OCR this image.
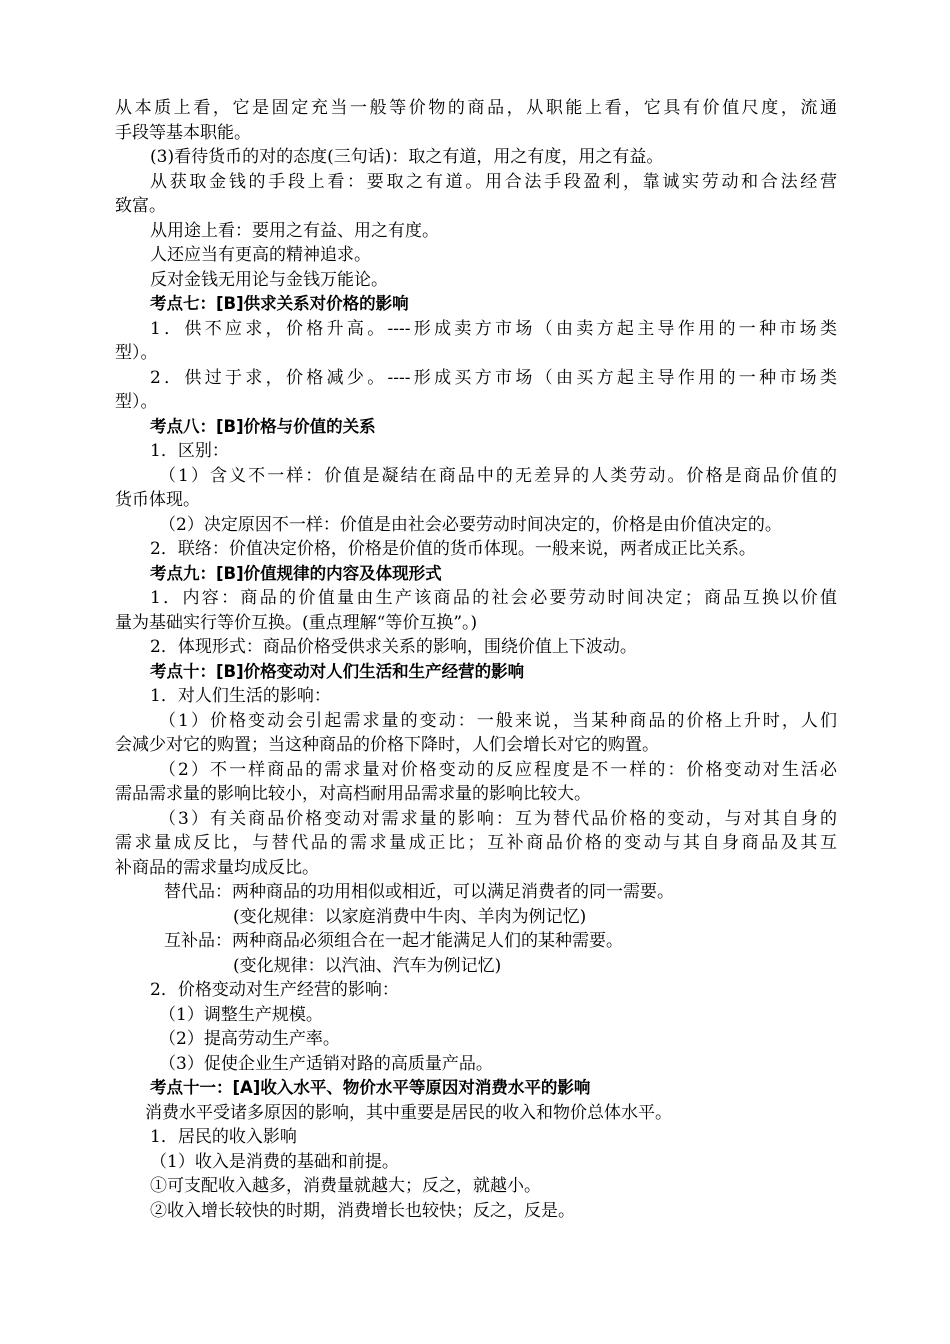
从本质上看，它是固定充当一般等价物的商品，从职能上看，它具有价值尺度，流通
手段等基本职能。
(3)看待货币的对的态度(三句话)：取之有道，用之有度，用之有益。
从获取金钱的手段上看：要取之有道。用合法手段盈利，靠诚实劳动和合法经营
致富。
从用途上看：要用之有益、用之有度。
人还应当有更高的精神追求。
反对金钱无用论与金钱万能论。
考点七：[B]供求关系对价格的影响
1．供不应求，价格升高。----形成卖方市场（由卖方起主导作用的一种市场类
型）。
2．供过于求，价格减少。----形成买方市场（由买方起主导作用的一种市场类
型）。
考点八：[B]价格与价值的关系
1．区别：
（1）含义不一样：价值是凝结在商品中的无差异的人类劳动。价格是商品价值的
货币体现。
（2）决定原因不一样：价值是由社会必要劳动时间决定的，价格是由价值决定的。
2．联络：价值决定价格，价格是价值的货币体现。一般来说，两者成正比关系。
考点九：[B]价值规律的内容及体现形式
1．内容：商品的价值量由生产该商品的社会必要劳动时间决定；商品互换以价值
量为基础实行等价互换。(重点理解“等价互换”。)
2．体现形式：商品价格受供求关系的影响，围绕价值上下波动。
考点十：[B]价格变动对人们生活和生产经营的影响
1．对人们生活的影响：
（1）价格变动会引起需求量的变动：一般来说，当某种商品的价格上升时，人们
会减少对它的购置；当这种商品的价格下降时，人们会增长对它的购置。
（2）不一样商品的需求量对价格变动的反应程度是不一样的：价格变动对生活必
需品需求量的影响比较小，对高档耐用品需求量的影响比较大。
（3）有关商品价格变动对需求量的影响：互为替代品价格的变动，与对其自身的
需求量成反比，与替代品的需求量成正比；互补商品价格的变动与其自身商品及其互
补商品的需求量均成反比。
替代品：两种商品的功用相似或相近，可以满足消费者的同一需要。
(变化规律：以家庭消费中牛肉、羊肉为例记忆)
互补品：两种商品必须组合在一起才能满足人们的某种需要。
(变化规律：以汽油、汽车为例记忆)
2．价格变动对生产经营的影响：
（1）调整生产规模。
（2）提高劳动生产率。
（3）促使企业生产适销对路的高质量产品。
考点十一：[A]收入水平、物价水平等原因对消费水平的影响
消费水平受诸多原因的影响，其中重要是居民的收入和物价总体水平。
1．居民的收入影响
（1）收入是消费的基础和前提。
①可支配收入越多，消费量就越大；反之，就越小。
②收入增长较快的时期，消费增长也较快；反之，反是。
